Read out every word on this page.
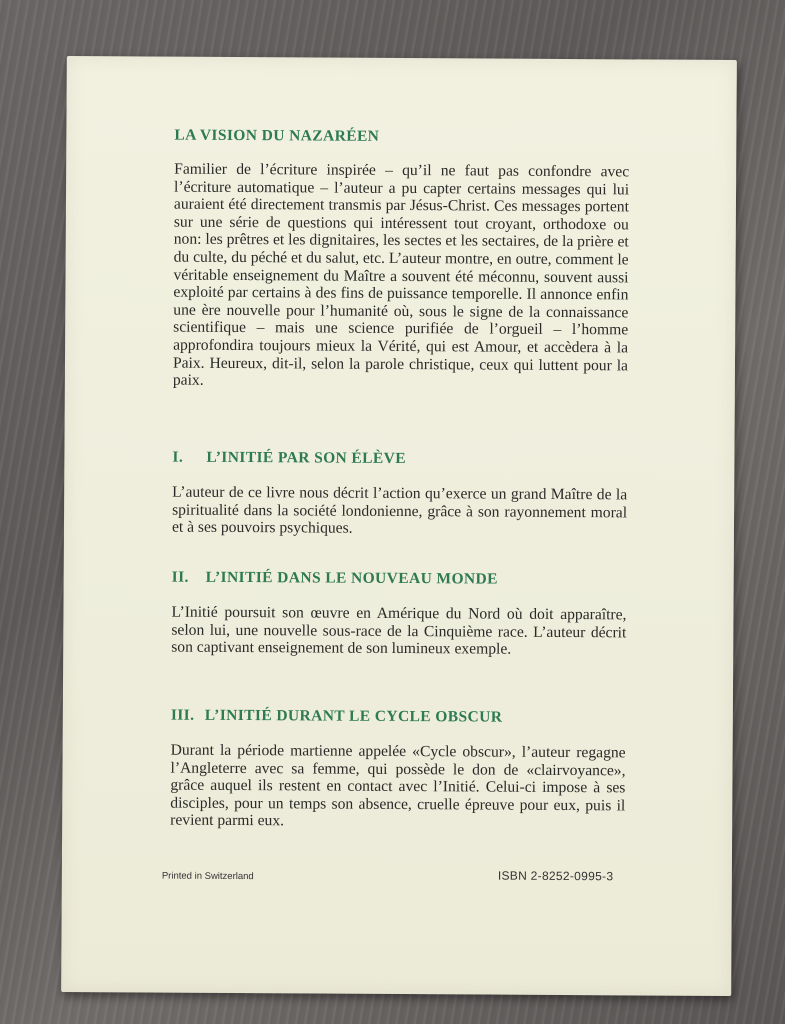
LA VISION DU NAZARÉEN

Familier de l’écriture inspirée – qu’il ne faut pas confondre avec l’écriture automatique – l’auteur a pu capter certains messages qui lui auraient été directement transmis par Jésus-Christ. Ces messages portent sur une série de questions qui intéressent tout croyant, orthodoxe ou non: les prêtres et les dignitaires, les sectes et les sectaires, de la prière et du culte, du péché et du salut, etc. L’auteur montre, en outre, comment le véritable enseignement du Maître a souvent été méconnu, souvent aussi exploité par certains à des fins de puissance temporelle. Il annonce enfin une ère nouvelle pour l’humanité où, sous le signe de la connaissance scientifique – mais une science purifiée de l’orgueil – l’homme approfondira toujours mieux la Vérité, qui est Amour, et accèdera à la Paix. Heureux, dit-il, selon la parole christique, ceux qui luttent pour la paix.

I. L’INITIÉ PAR SON ÉLÈVE

L’auteur de ce livre nous décrit l’action qu’exerce un grand Maître de la spiritualité dans la société londonienne, grâce à son rayonnement moral et à ses pouvoirs psychiques.

II. L’INITIÉ DANS LE NOUVEAU MONDE

L’Initié poursuit son œuvre en Amérique du Nord où doit apparaître, selon lui, une nouvelle sous-race de la Cinquième race. L’auteur décrit son captivant enseignement de son lumineux exemple.

III. L’INITIÉ DURANT LE CYCLE OBSCUR

Durant la période martienne appelée «Cycle obscur», l’auteur regagne l’Angleterre avec sa femme, qui possède le don de «clairvoyance», grâce auquel ils restent en contact avec l’Initié. Celui-ci impose à ses disciples, pour un temps son absence, cruelle épreuve pour eux, puis il revient parmi eux.

Printed in Switzerland	ISBN 2-8252-0995-3
